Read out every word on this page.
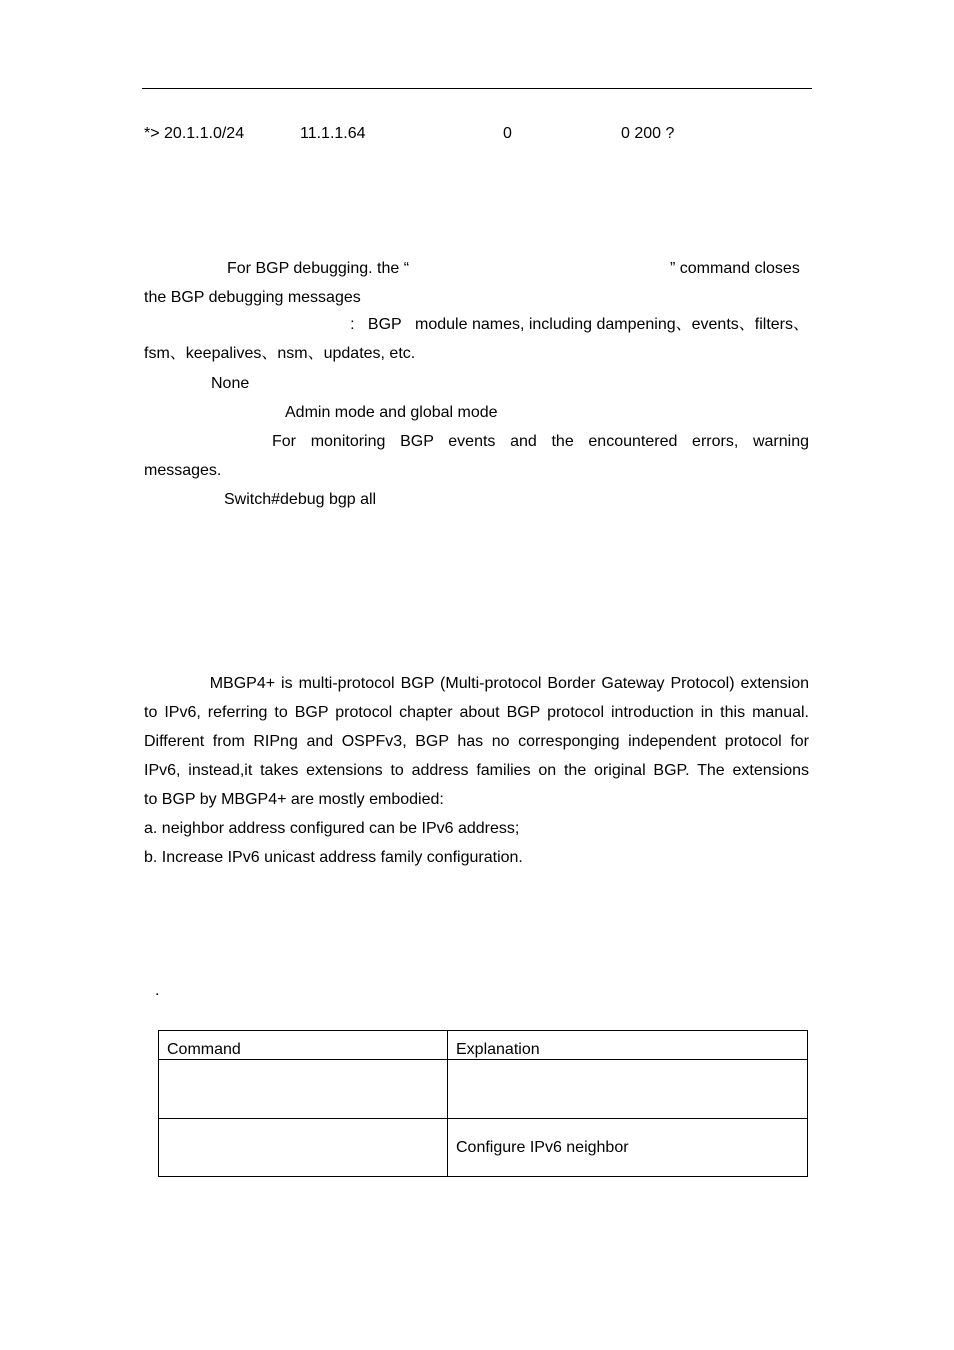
*> 20.1.1.0/24	11.1.1.64	0	0 200 ?
For BGP debugging. the “	” command closes
the BGP debugging messages
:   BGP   module names, including dampening、events、filters、
fsm、keepalives、nsm、updates, etc.
None
Admin mode and global mode
For monitoring BGP events and the encountered errors, warning
messages.
Switch#debug bgp all
MBGP4+ is multi-protocol BGP (Multi-protocol Border Gateway Protocol) extension
to IPv6, referring to BGP protocol chapter about BGP protocol introduction in this manual.
Different from RIPng and OSPFv3, BGP has no corresponging independent protocol for
IPv6, instead,it takes extensions to address families on the original BGP. The extensions
to BGP by MBGP4+ are mostly embodied:
a. neighbor address configured can be IPv6 address;
b. Increase IPv6 unicast address family configuration.
.
Command	Explanation

	Configure IPv6 neighbor
